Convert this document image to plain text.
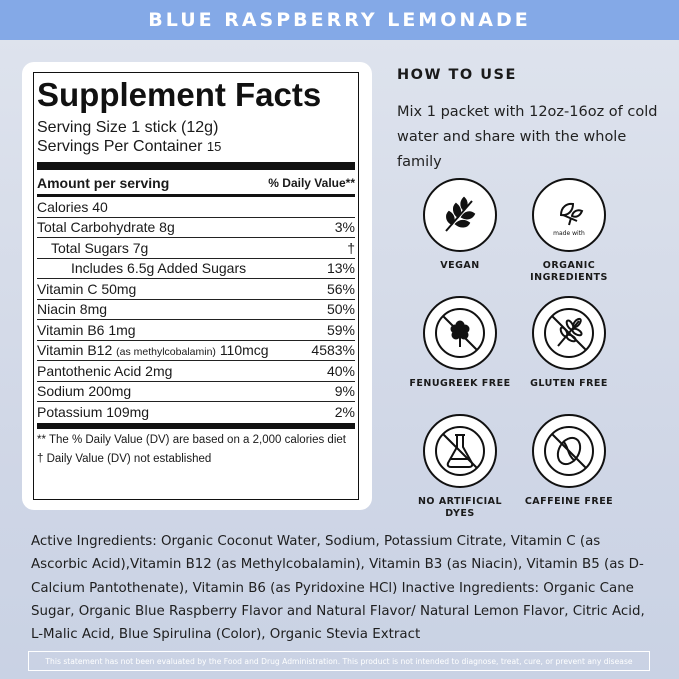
BLUE RASPBERRY LEMONADE
Supplement Facts
Serving Size 1 stick (12g)
Servings Per Container 15
Amount per serving	% Daily Value**
Calories 40
Total Carbohydrate 8g	3%
Total Sugars 7g	†
Includes 6.5g Added Sugars	13%
Vitamin C 50mg	56%
Niacin 8mg	50%
Vitamin B6 1mg	59%
Vitamin B12 (as methylcobalamin) 110mcg	4583%
Pantothenic Acid 2mg	40%
Sodium 200mg	9%
Potassium 109mg	2%
** The % Daily Value (DV) are based on a 2,000 calories diet
† Daily Value (DV) not established
HOW TO USE
Mix 1 packet with 12oz-16oz of cold water and share with the whole family
VEGAN
made with
ORGANIC INGREDIENTS
FENUGREEK FREE	GLUTEN FREE
NO ARTIFICIAL DYES
CAFFEINE FREE
Active Ingredients: Organic Coconut Water, Sodium, Potassium Citrate, Vitamin C (as Ascorbic Acid),Vitamin B12 (as Methylcobalamin), Vitamin B3 (as Niacin), Vitamin B5 (as D-Calcium Pantothenate), Vitamin B6 (as Pyridoxine HCl) Inactive Ingredients: Organic Cane Sugar, Organic Blue Raspberry Flavor and Natural Flavor/ Natural Lemon Flavor, Citric Acid, L-Malic Acid, Blue Spirulina (Color), Organic Stevia Extract
This statement has not been evaluated by the Food and Drug Administration. This product is not intended to diagnose, treat, cure, or prevent any disease
